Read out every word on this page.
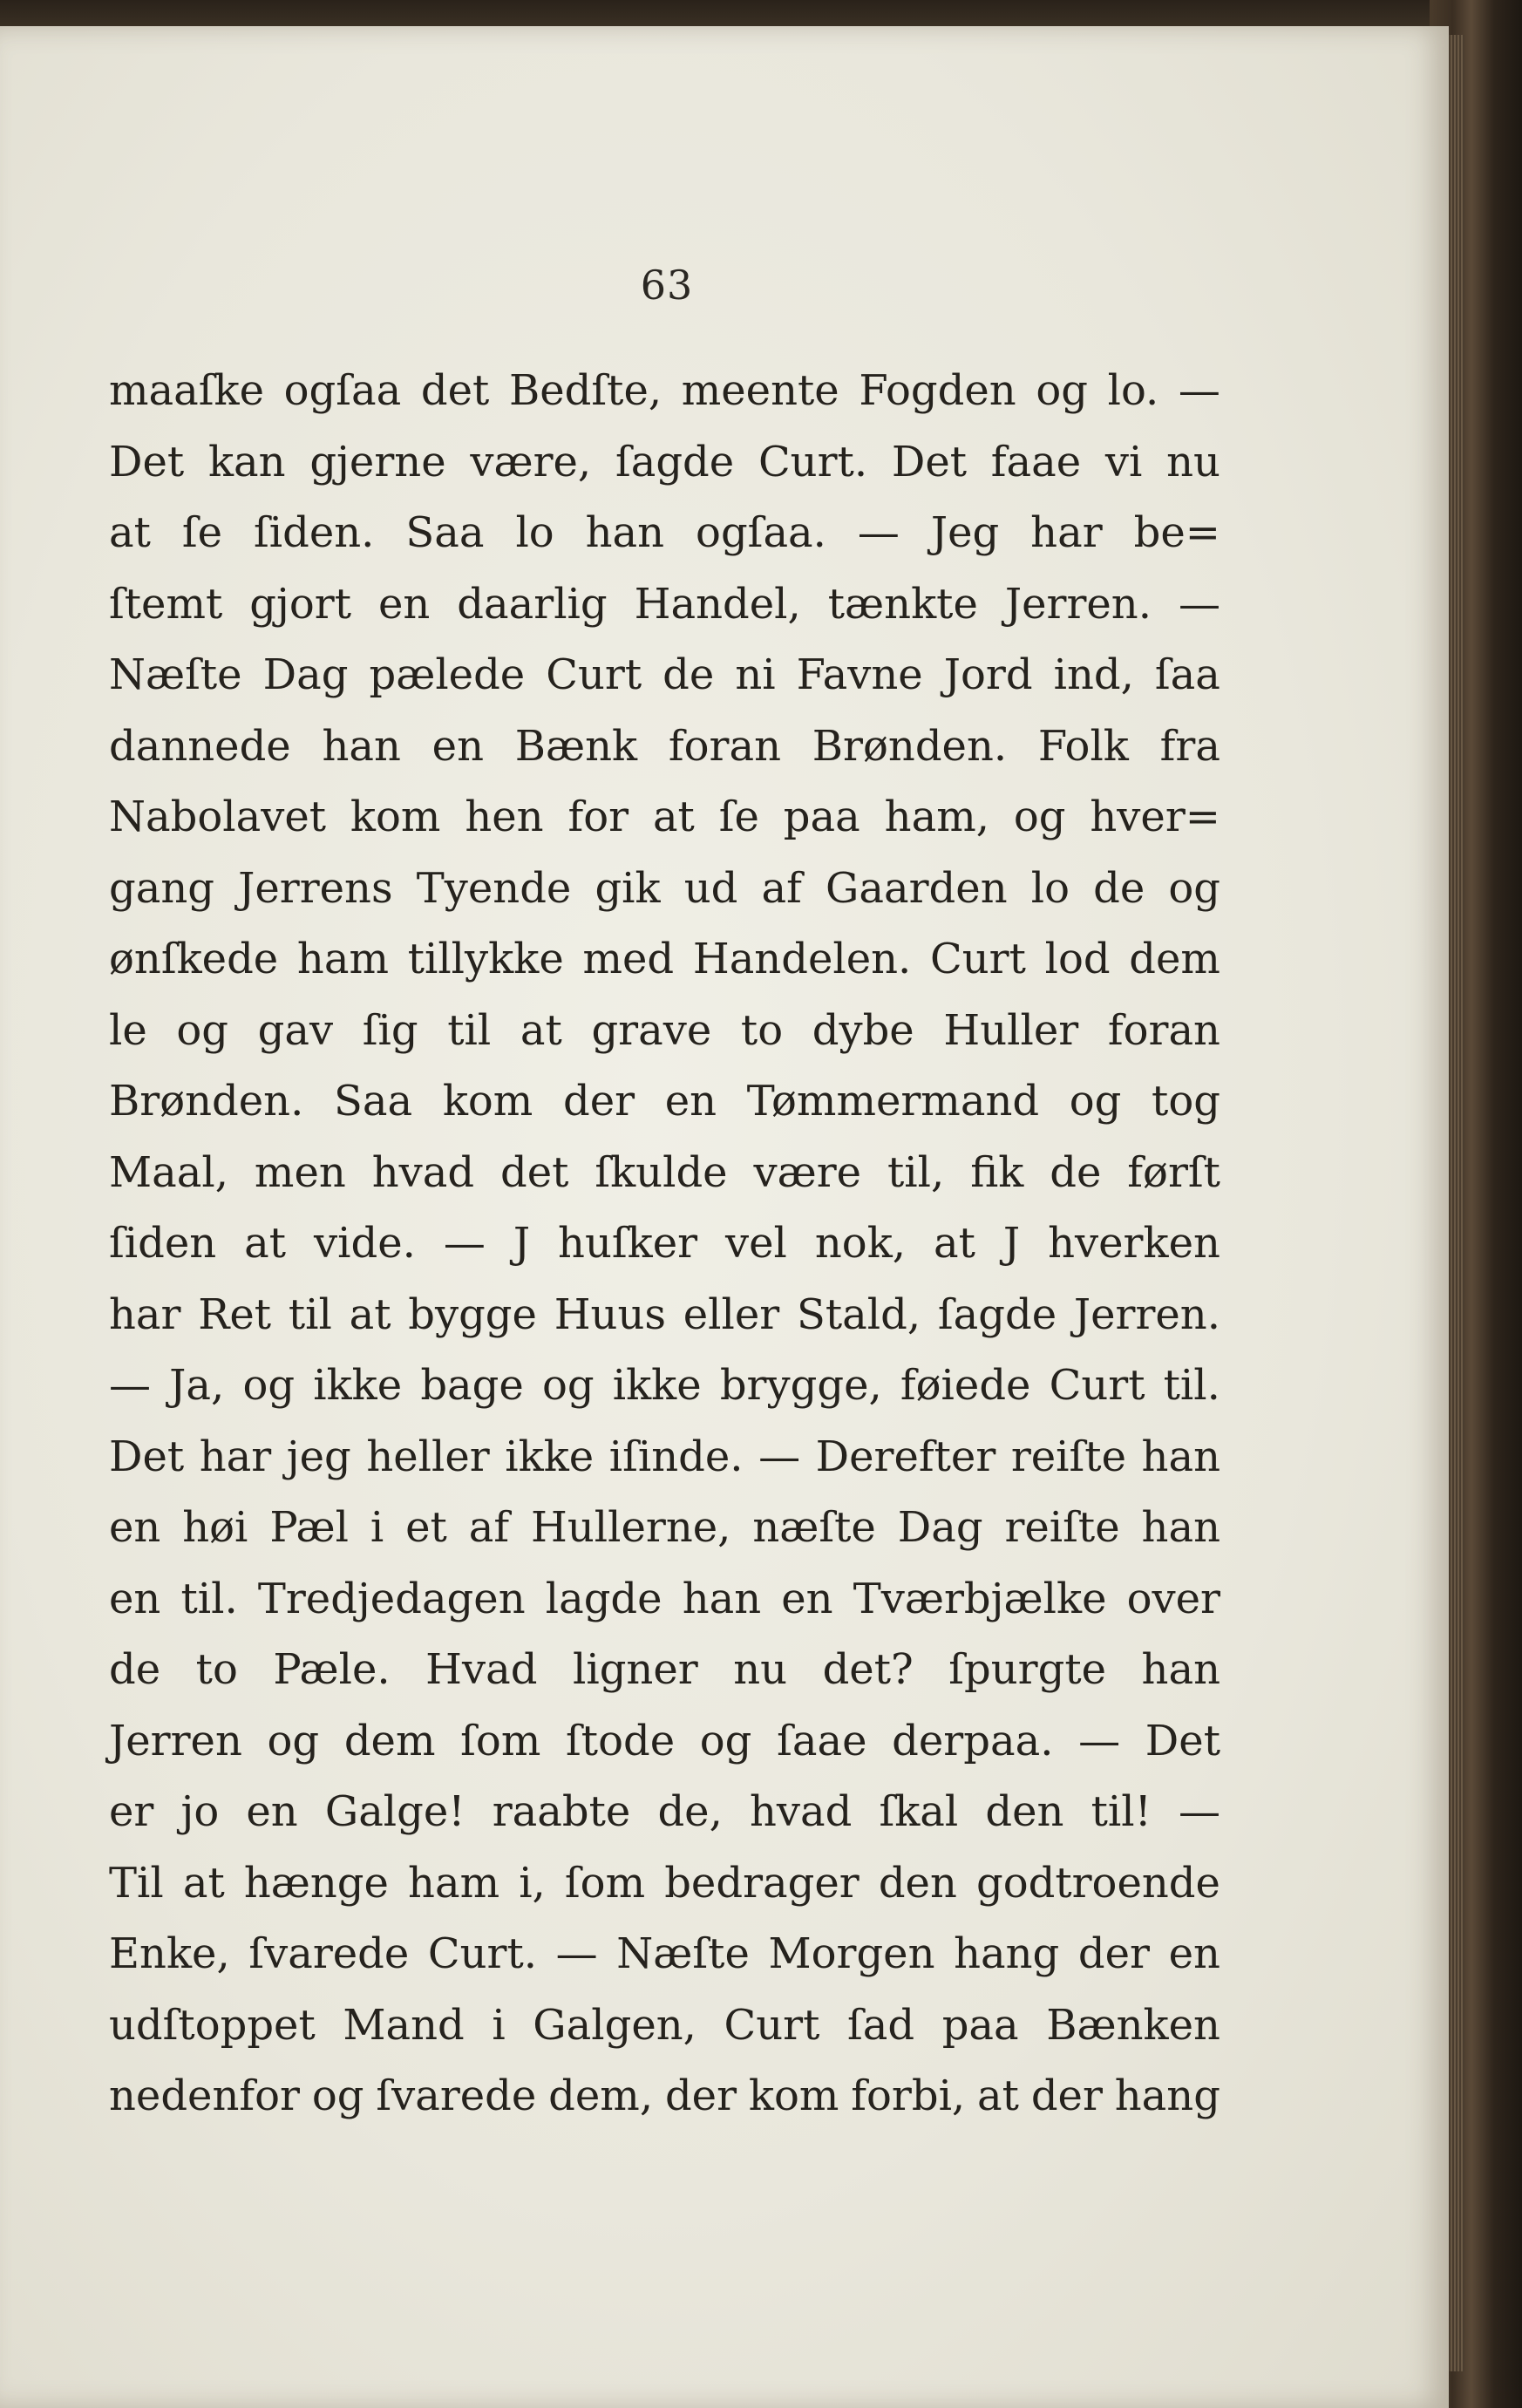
63
maaſke ogſaa det Bedſte, meente Fogden og lo. —
Det kan gjerne være, ſagde Curt. Det faae vi nu
at ſe ſiden. Saa lo han ogſaa. — Jeg har be=
ſtemt gjort en daarlig Handel, tænkte Jerren. —
Næſte Dag pælede Curt de ni Favne Jord ind, ſaa
dannede han en Bænk foran Brønden. Folk fra
Nabolavet kom hen for at ſe paa ham, og hver=
gang Jerrens Tyende gik ud af Gaarden lo de og
ønſkede ham tillykke med Handelen. Curt lod dem
le og gav ſig til at grave to dybe Huller foran
Brønden. Saa kom der en Tømmermand og tog
Maal, men hvad det ſkulde være til, fik de førſt
ſiden at vide. — J huſker vel nok, at J hverken
har Ret til at bygge Huus eller Stald, ſagde Jerren.
— Ja, og ikke bage og ikke brygge, føiede Curt til.
Det har jeg heller ikke iſinde. — Derefter reiſte han
en høi Pæl i et af Hullerne, næſte Dag reiſte han
en til. Tredjedagen lagde han en Tværbjælke over
de to Pæle. Hvad ligner nu det? ſpurgte han
Jerren og dem ſom ſtode og ſaae derpaa. — Det
er jo en Galge! raabte de, hvad ſkal den til! —
Til at hænge ham i, ſom bedrager den godtroende
Enke, ſvarede Curt. — Næſte Morgen hang der en
udſtoppet Mand i Galgen, Curt ſad paa Bænken
nedenfor og ſvarede dem, der kom forbi, at der hang
